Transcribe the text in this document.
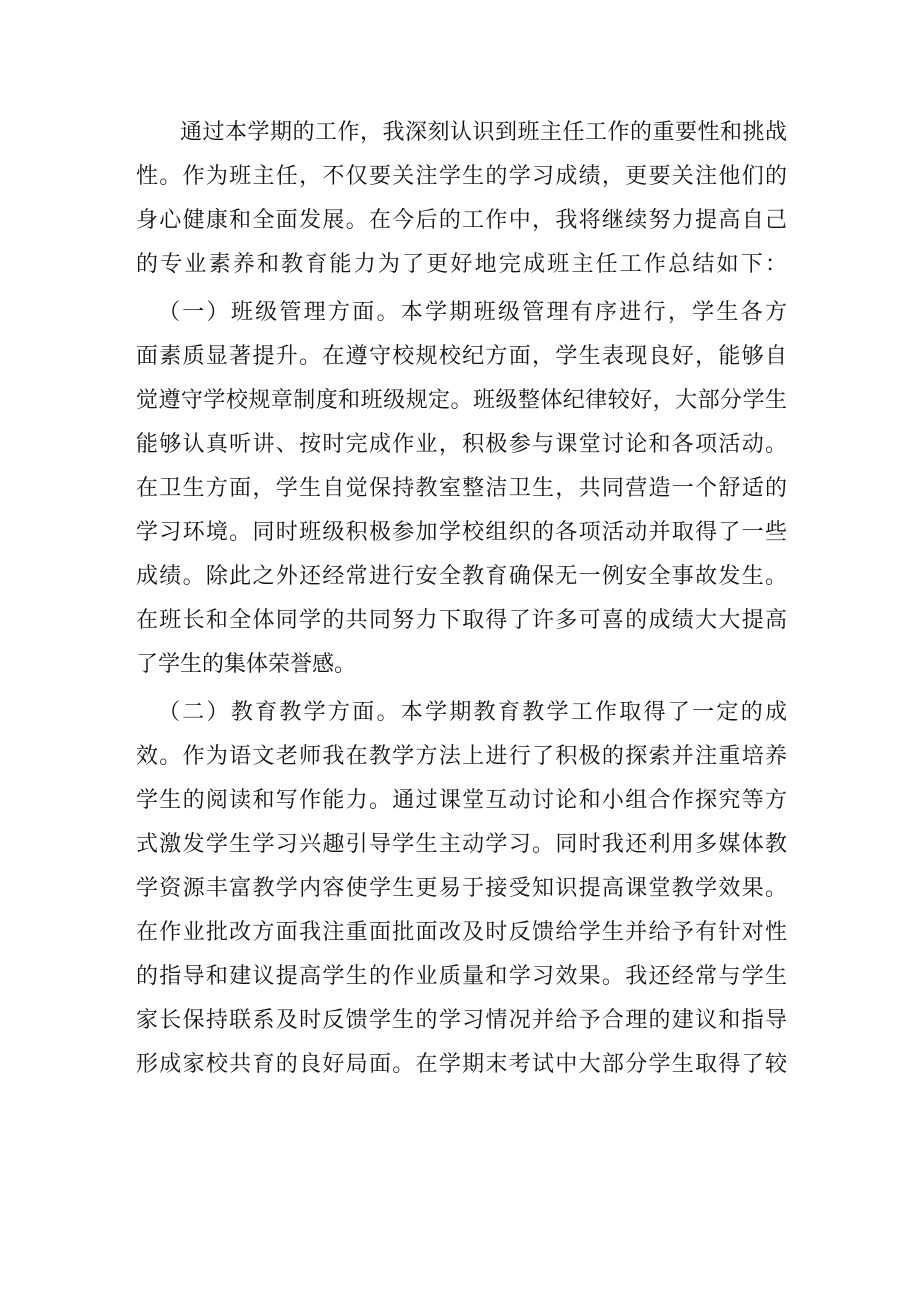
通过本学期的工作，我深刻认识到班主任工作的重要性和挑战
性。作为班主任，不仅要关注学生的学习成绩，更要关注他们的
身心健康和全面发展。在今后的工作中，我将继续努力提高自己
的专业素养和教育能力为了更好地完成班主任工作总结如下：
（一）班级管理方面。本学期班级管理有序进行，学生各方
面素质显著提升。在遵守校规校纪方面，学生表现良好，能够自
觉遵守学校规章制度和班级规定。班级整体纪律较好，大部分学生
能够认真听讲、按时完成作业，积极参与课堂讨论和各项活动。
在卫生方面，学生自觉保持教室整洁卫生，共同营造一个舒适的
学习环境。同时班级积极参加学校组织的各项活动并取得了一些
成绩。除此之外还经常进行安全教育确保无一例安全事故发生。
在班长和全体同学的共同努力下取得了许多可喜的成绩大大提高
了学生的集体荣誉感。
（二）教育教学方面。本学期教育教学工作取得了一定的成
效。作为语文老师我在教学方法上进行了积极的探索并注重培养
学生的阅读和写作能力。通过课堂互动讨论和小组合作探究等方
式激发学生学习兴趣引导学生主动学习。同时我还利用多媒体教
学资源丰富教学内容使学生更易于接受知识提高课堂教学效果。
在作业批改方面我注重面批面改及时反馈给学生并给予有针对性
的指导和建议提高学生的作业质量和学习效果。我还经常与学生
家长保持联系及时反馈学生的学习情况并给予合理的建议和指导
形成家校共育的良好局面。在学期末考试中大部分学生取得了较
